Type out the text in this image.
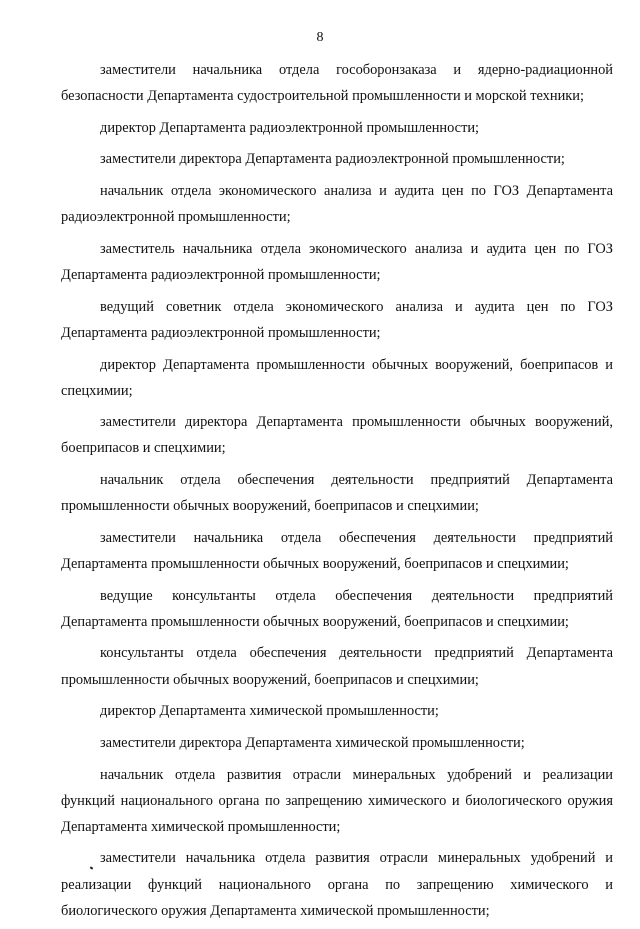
8

заместители начальника отдела гособоронзаказа и ядерно-радиационной безопасности Департамента судостроительной промышленности и морской техники;

директор Департамента радиоэлектронной промышленности;

заместители директора Департамента радиоэлектронной промышленности;

начальник отдела экономического анализа и аудита цен по ГОЗ Департамента радиоэлектронной промышленности;

заместитель начальника отдела экономического анализа и аудита цен по ГОЗ Департамента радиоэлектронной промышленности;

ведущий советник отдела экономического анализа и аудита цен по ГОЗ Департамента радиоэлектронной промышленности;

директор Департамента промышленности обычных вооружений, боеприпасов и спецхимии;

заместители директора Департамента промышленности обычных вооружений, боеприпасов и спецхимии;

начальник отдела обеспечения деятельности предприятий Департамента промышленности обычных вооружений, боеприпасов и спецхимии;

заместители начальника отдела обеспечения деятельности предприятий Департамента промышленности обычных вооружений, боеприпасов и спецхимии;

ведущие консультанты отдела обеспечения деятельности предприятий Департамента промышленности обычных вооружений, боеприпасов и спецхимии;

консультанты отдела обеспечения деятельности предприятий Департамента промышленности обычных вооружений, боеприпасов и спецхимии;

директор Департамента химической промышленности;

заместители директора Департамента химической промышленности;

начальник отдела развития отрасли минеральных удобрений и реализации функций национального органа по запрещению химического и биологического оружия Департамента химической промышленности;

заместители начальника отдела развития отрасли минеральных удобрений и реализации функций национального органа по запрещению химического и биологического оружия Департамента химической промышленности;
